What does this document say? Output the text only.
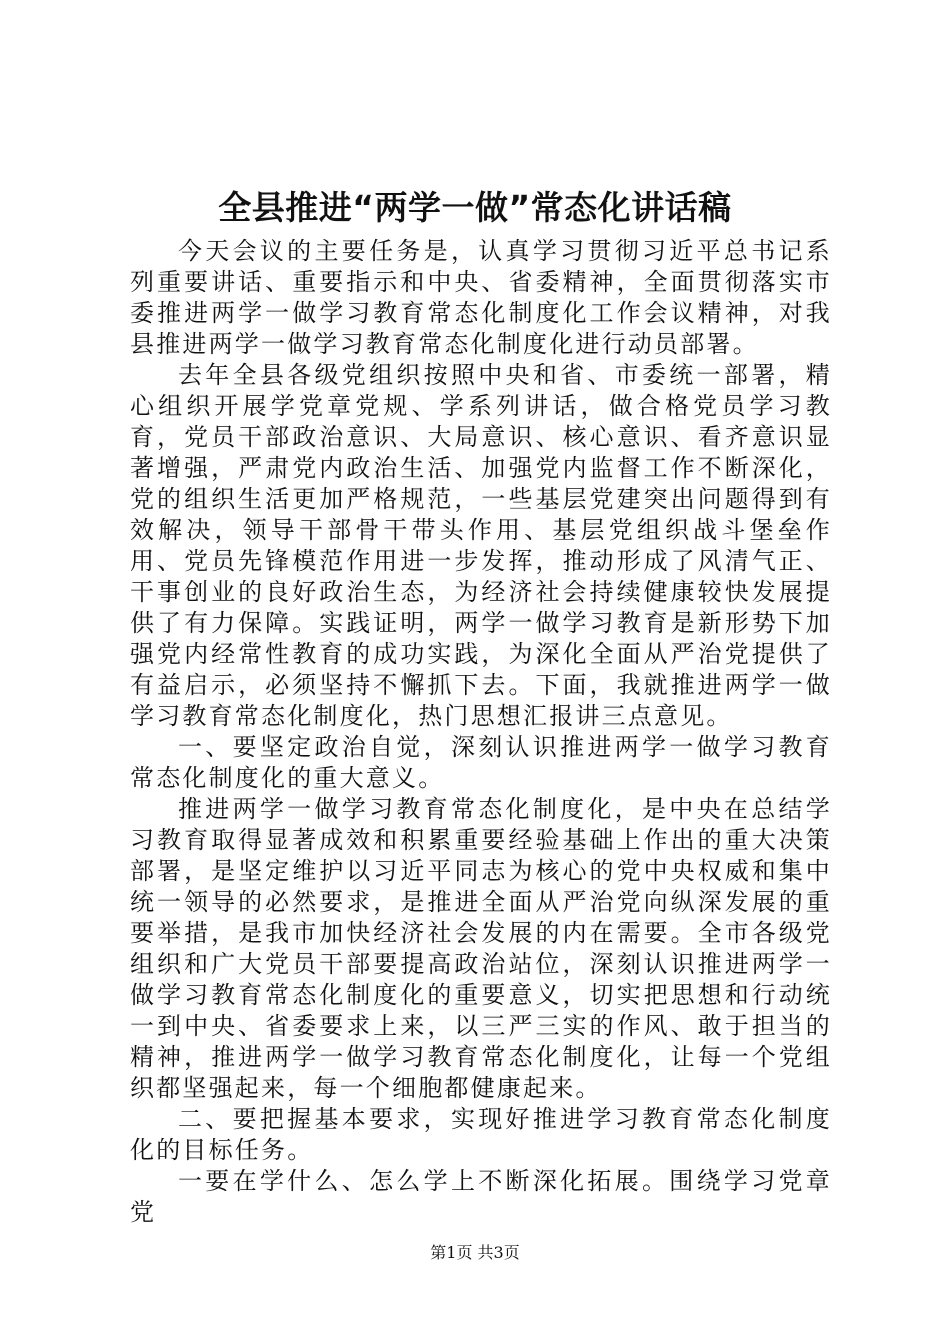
全县推进“两学一做”常态化讲话稿

今天会议的主要任务是，认真学习贯彻习近平总书记系列重要讲话、重要指示和中央、省委精神，全面贯彻落实市委推进两学一做学习教育常态化制度化工作会议精神，对我县推进两学一做学习教育常态化制度化进行动员部署。

去年全县各级党组织按照中央和省、市委统一部署，精心组织开展学党章党规、学系列讲话，做合格党员学习教育，党员干部政治意识、大局意识、核心意识、看齐意识显著增强，严肃党内政治生活、加强党内监督工作不断深化，党的组织生活更加严格规范，一些基层党建突出问题得到有效解决，领导干部骨干带头作用、基层党组织战斗堡垒作用、党员先锋模范作用进一步发挥，推动形成了风清气正、干事创业的良好政治生态，为经济社会持续健康较快发展提供了有力保障。实践证明，两学一做学习教育是新形势下加强党内经常性教育的成功实践，为深化全面从严治党提供了有益启示，必须坚持不懈抓下去。下面，我就推进两学一做学习教育常态化制度化，热门思想汇报讲三点意见。

一、要坚定政治自觉，深刻认识推进两学一做学习教育常态化制度化的重大意义。

推进两学一做学习教育常态化制度化，是中央在总结学习教育取得显著成效和积累重要经验基础上作出的重大决策部署，是坚定维护以习近平同志为核心的党中央权威和集中统一领导的必然要求，是推进全面从严治党向纵深发展的重要举措，是我市加快经济社会发展的内在需要。全市各级党组织和广大党员干部要提高政治站位，深刻认识推进两学一做学习教育常态化制度化的重要意义，切实把思想和行动统一到中央、省委要求上来，以三严三实的作风、敢于担当的精神，推进两学一做学习教育常态化制度化，让每一个党组织都坚强起来，每一个细胞都健康起来。

二、要把握基本要求，实现好推进学习教育常态化制度化的目标任务。

一要在学什么、怎么学上不断深化拓展。围绕学习党章党

第1页 共3页
